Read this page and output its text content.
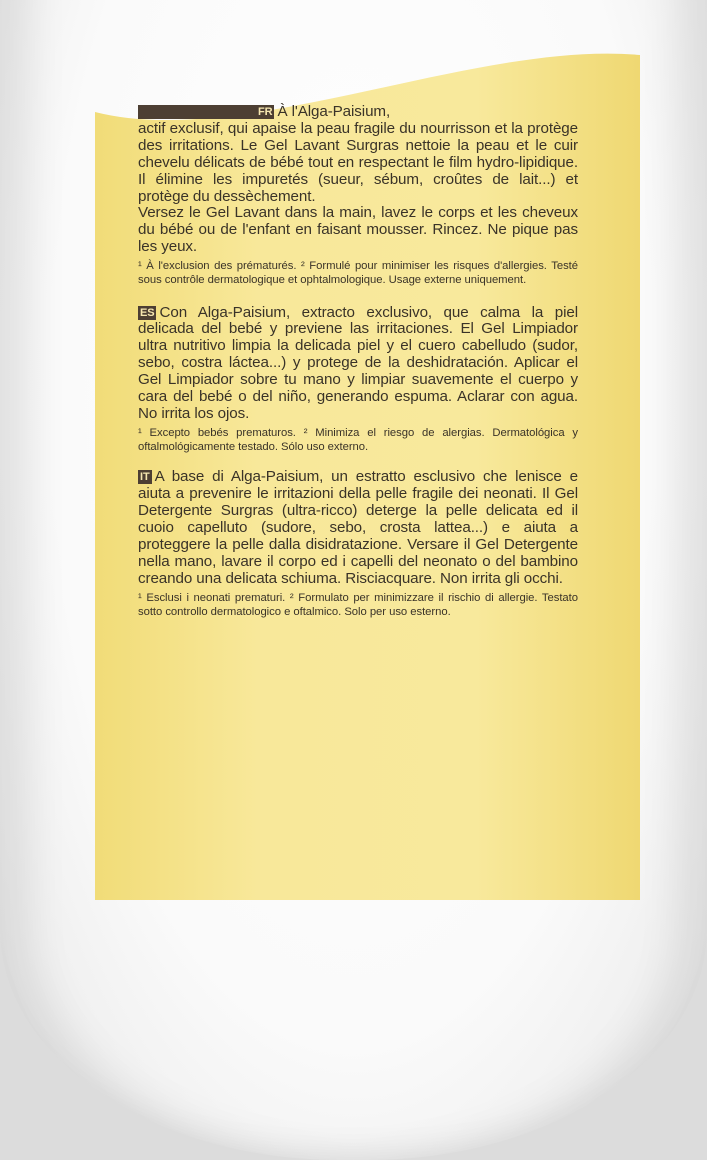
FR À l'Alga-Paisium,

actif exclusif, qui apaise la peau fragile du nourrisson et la protège des irritations. Le Gel Lavant Surgras nettoie la peau et le cuir chevelu délicats de bébé tout en respectant le film hydro-lipidique. Il élimine les impuretés (sueur, sébum, croûtes de lait...) et protège du dessèchement.

Versez le Gel Lavant dans la main, lavez le corps et les cheveux du bébé ou de l'enfant en faisant mousser. Rincez. Ne pique pas les yeux.

¹ À l'exclusion des prématurés. ² Formulé pour minimiser les risques d'allergies. Testé sous contrôle dermatologique et ophtalmologique. Usage externe uniquement.

ES Con Alga-Paisium, extracto exclusivo, que calma la piel delicada del bebé y previene las irritaciones. El Gel Limpiador ultra nutritivo limpia la delicada piel y el cuero cabelludo (sudor, sebo, costra láctea...) y protege de la deshidratación. Aplicar el Gel Limpiador sobre tu mano y limpiar suavemente el cuerpo y cara del bebé o del niño, generando espuma. Aclarar con agua. No irrita los ojos.

¹ Excepto bebés prematuros. ² Minimiza el riesgo de alergias. Dermatológica y oftalmológicamente testado. Sólo uso externo.

IT A base di Alga-Paisium, un estratto esclusivo che lenisce e aiuta a prevenire le irritazioni della pelle fragile dei neonati. Il Gel Detergente Surgras (ultra-ricco) deterge la pelle delicata ed il cuoio capelluto (sudore, sebo, crosta lattea...) e aiuta a proteggere la pelle dalla disidratazione. Versare il Gel Detergente nella mano, lavare il corpo ed i capelli del neonato o del bambino creando una delicata schiuma. Risciacquare. Non irrita gli occhi.

¹ Esclusi i neonati prematuri. ² Formulato per minimizzare il rischio di allergie. Testato sotto controllo dermatologico e oftalmico. Solo per uso esterno.
